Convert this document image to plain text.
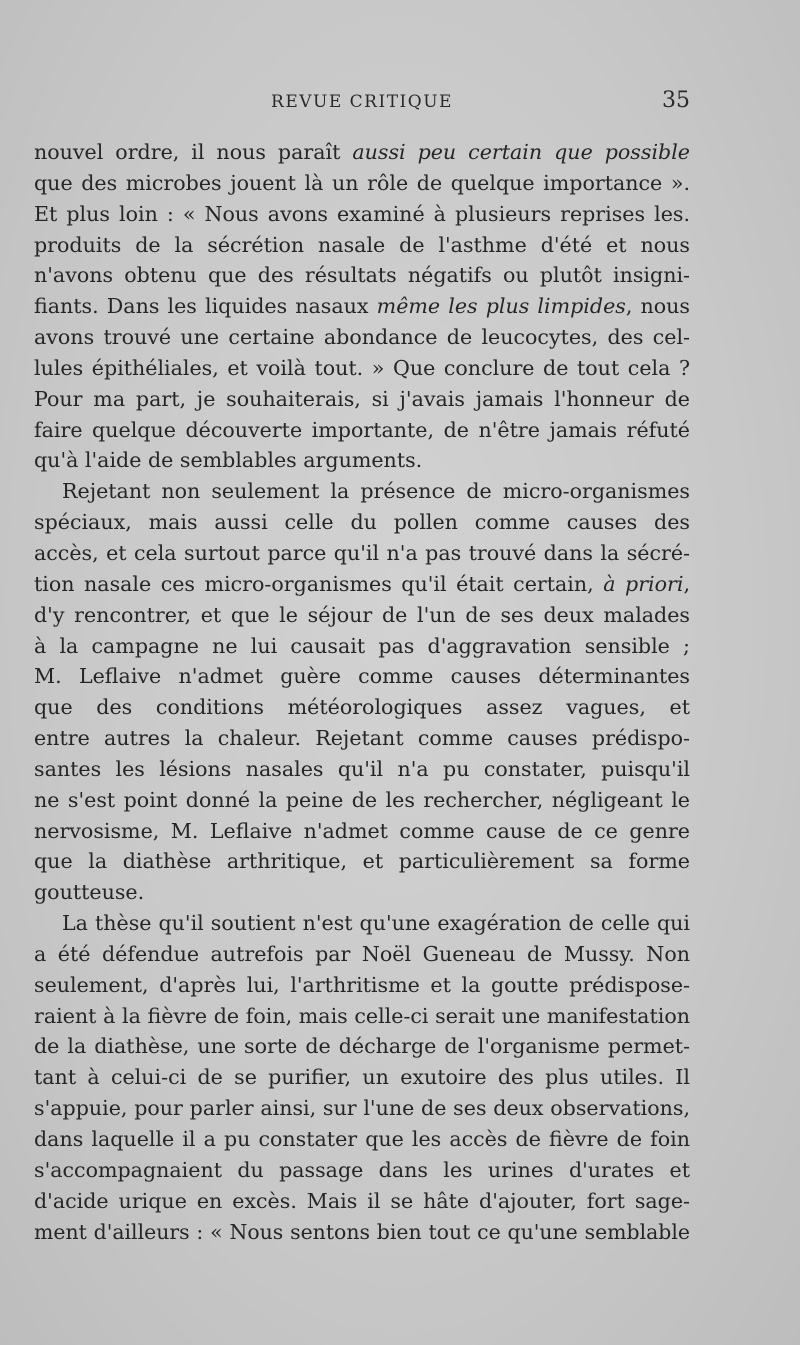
REVUE CRITIQUE	35
nouvel ordre, il nous paraît aussi peu certain que possible
que des microbes jouent là un rôle de quelque importance ».
Et plus loin : « Nous avons examiné à plusieurs reprises les.
produits de la sécrétion nasale de l'asthme d'été et nous
n'avons obtenu que des résultats négatifs ou plutôt insigni-
fiants. Dans les liquides nasaux même les plus limpides, nous
avons trouvé une certaine abondance de leucocytes, des cel-
lules épithéliales, et voilà tout. » Que conclure de tout cela ?
Pour ma part, je souhaiterais, si j'avais jamais l'honneur de
faire quelque découverte importante, de n'être jamais réfuté
qu'à l'aide de semblables arguments.
Rejetant non seulement la présence de micro-organismes
spéciaux, mais aussi celle du pollen comme causes des
accès, et cela surtout parce qu'il n'a pas trouvé dans la sécré-
tion nasale ces micro-organismes qu'il était certain, à priori,
d'y rencontrer, et que le séjour de l'un de ses deux malades
à la campagne ne lui causait pas d'aggravation sensible ;
M. Leflaive n'admet guère comme causes déterminantes
que des conditions météorologiques assez vagues, et
entre autres la chaleur. Rejetant comme causes prédispo-
santes les lésions nasales qu'il n'a pu constater, puisqu'il
ne s'est point donné la peine de les rechercher, négligeant le
nervosisme, M. Leflaive n'admet comme cause de ce genre
que la diathèse arthritique, et particulièrement sa forme
goutteuse.
La thèse qu'il soutient n'est qu'une exagération de celle qui
a été défendue autrefois par Noël Gueneau de Mussy. Non
seulement, d'après lui, l'arthritisme et la goutte prédispose-
raient à la fièvre de foin, mais celle-ci serait une manifestation
de la diathèse, une sorte de décharge de l'organisme permet-
tant à celui-ci de se purifier, un exutoire des plus utiles. Il
s'appuie, pour parler ainsi, sur l'une de ses deux observations,
dans laquelle il a pu constater que les accès de fièvre de foin
s'accompagnaient du passage dans les urines d'urates et
d'acide urique en excès. Mais il se hâte d'ajouter, fort sage-
ment d'ailleurs : « Nous sentons bien tout ce qu'une semblable
